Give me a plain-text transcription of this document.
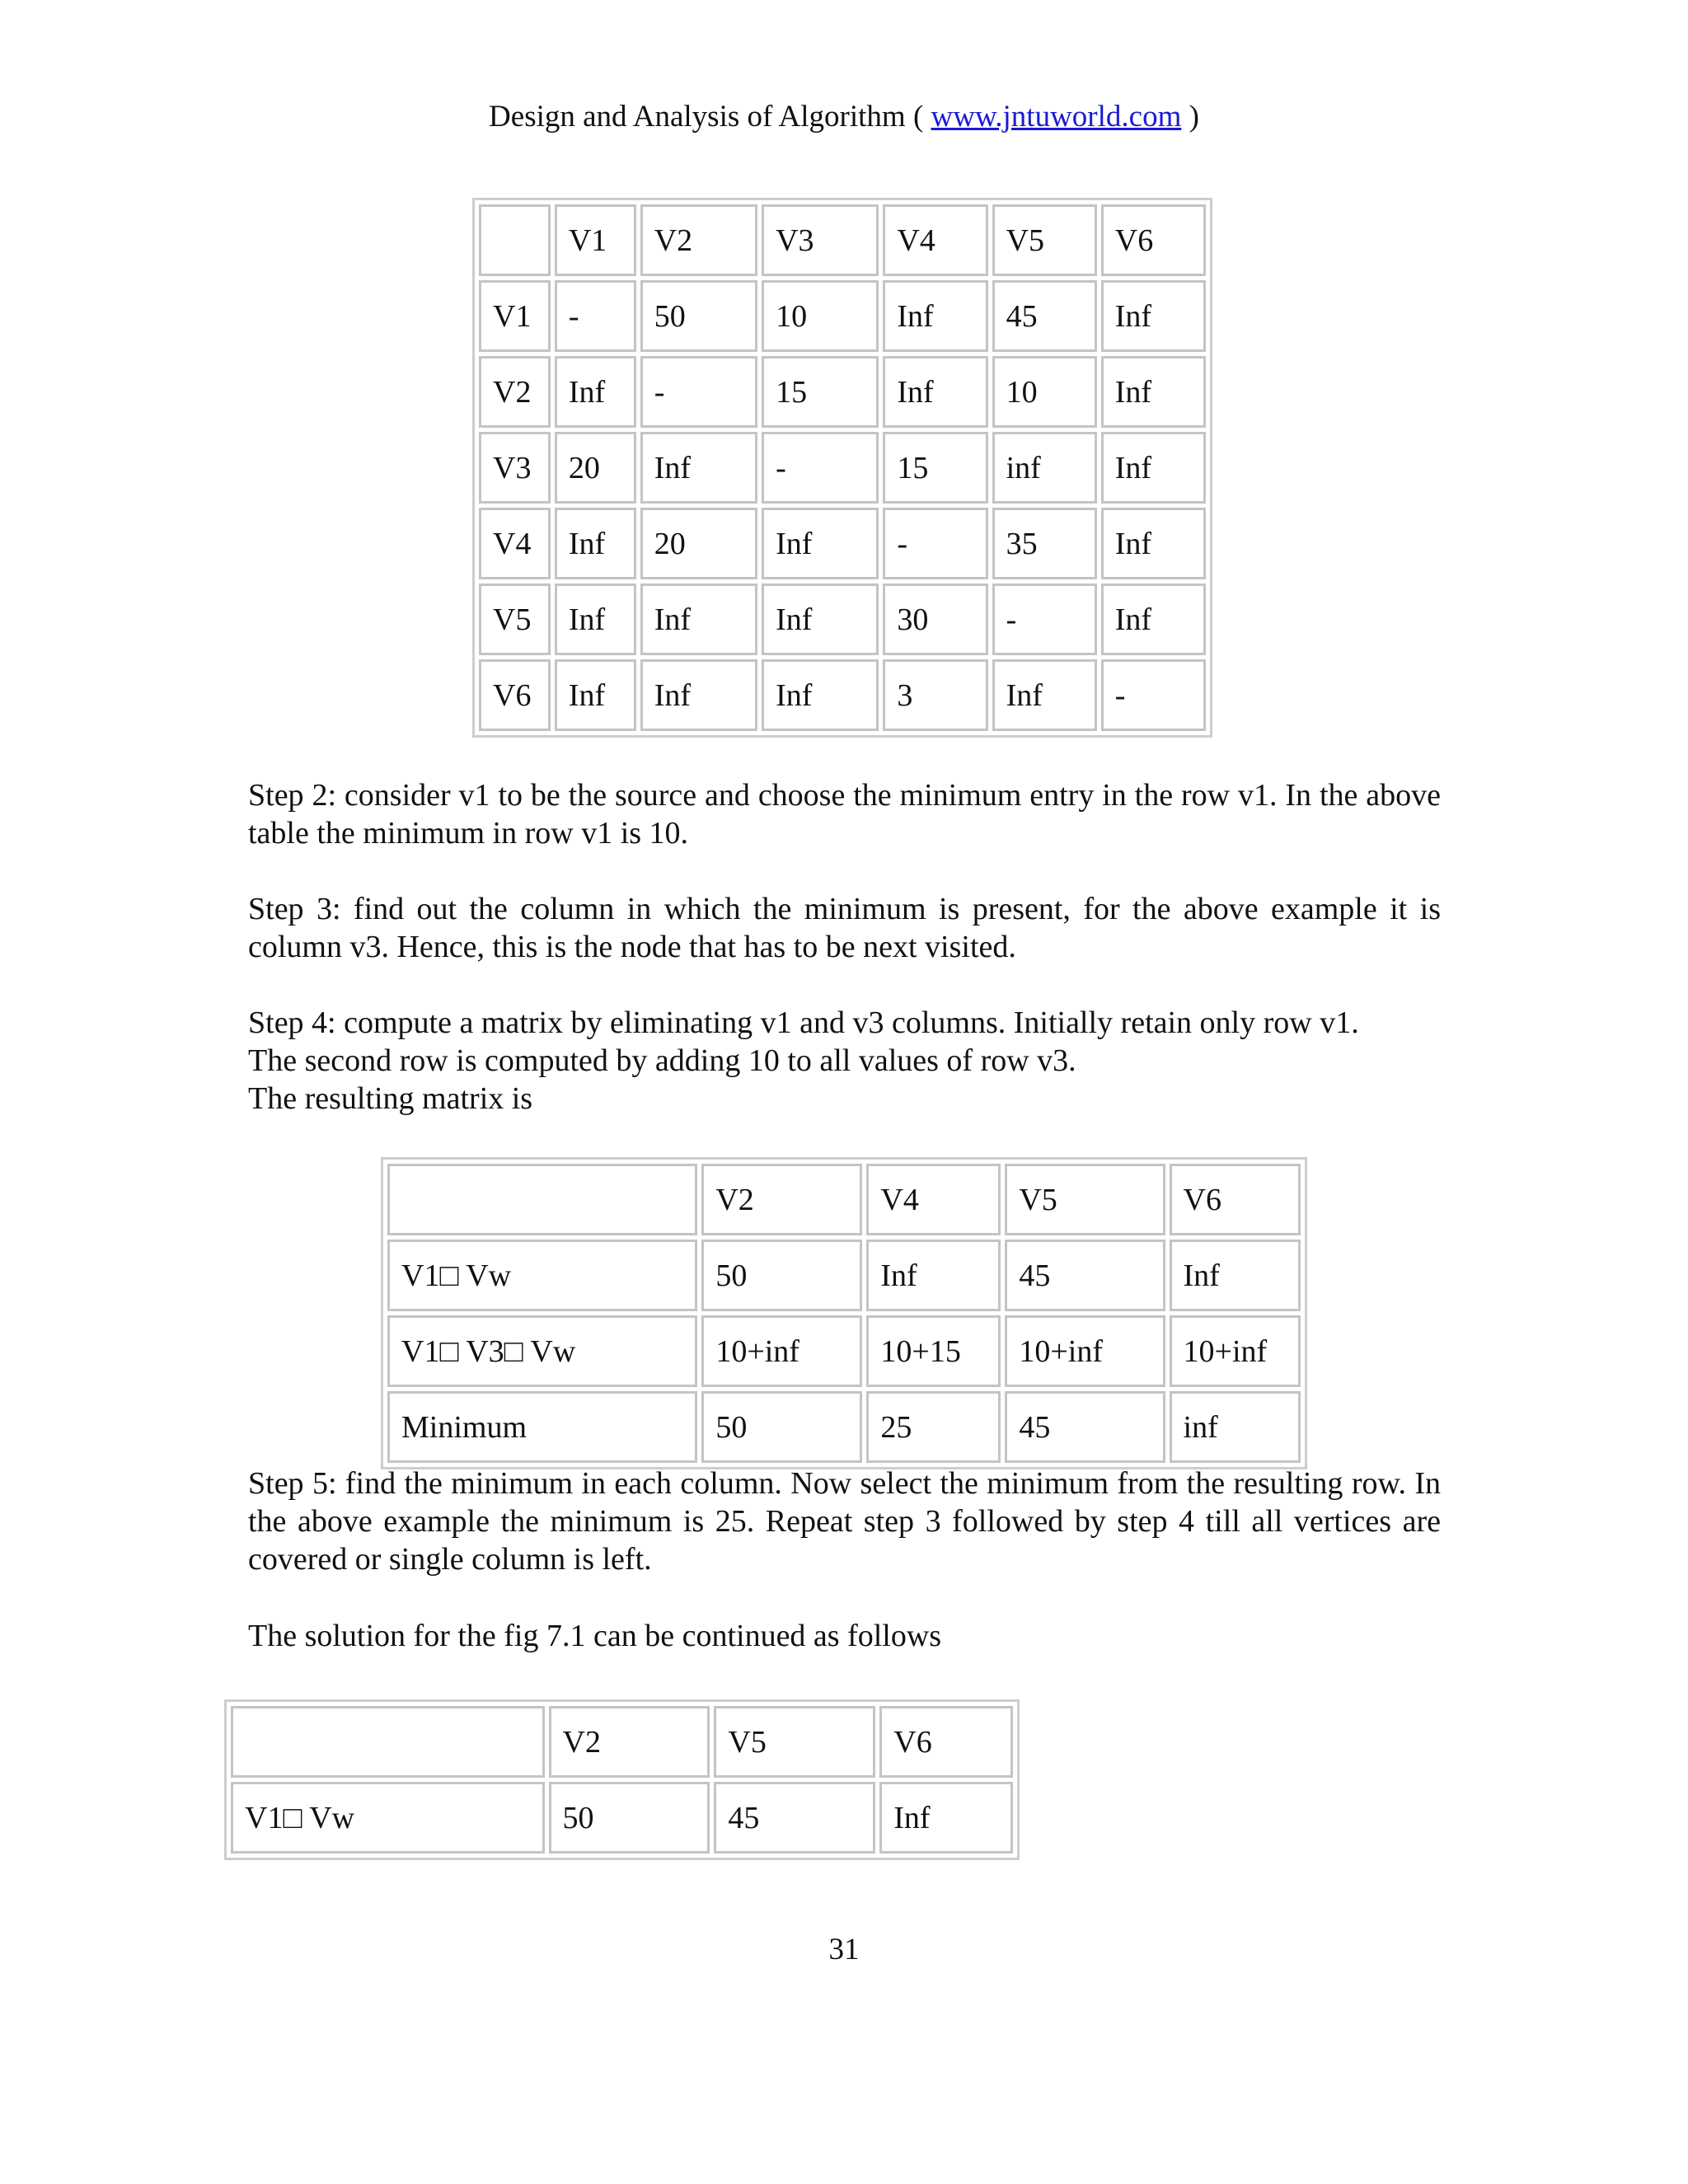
Design and Analysis of Algorithm ( www.jntuworld.com )
	V1	V2	V3	V4	V5	V6
V1	-	50	10	Inf	45	Inf
V2	Inf	-	15	Inf	10	Inf
V3	20	Inf	-	15	inf	Inf
V4	Inf	20	Inf	-	35	Inf
V5	Inf	Inf	Inf	30	-	Inf
V6	Inf	Inf	Inf	3	Inf	-

Step 2: consider v1 to be the source and choose the minimum entry in the row v1. In the above table the minimum in row v1 is 10.

Step 3: find out the column in which the minimum is present, for the above example it is column v3. Hence, this is the node that has to be next visited.

Step 4: compute a matrix by eliminating v1 and v3 columns. Initially retain only row v1.
The second row is computed by adding 10 to all values of row v3.
The resulting matrix is
	V2	V4	V5	V6
V1□ Vw	50	Inf	45	Inf
V1□ V3□ Vw	10+inf	10+15	10+inf	10+inf
Minimum	50	25	45	inf

Step 5: find the minimum in each column. Now select the minimum from the resulting row. In the above example the minimum is 25. Repeat step 3 followed by step 4 till all vertices are covered or single column is left.

The solution for the fig 7.1 can be continued as follows

	V2	V5	V6
V1□ Vw	50	45	Inf
31
